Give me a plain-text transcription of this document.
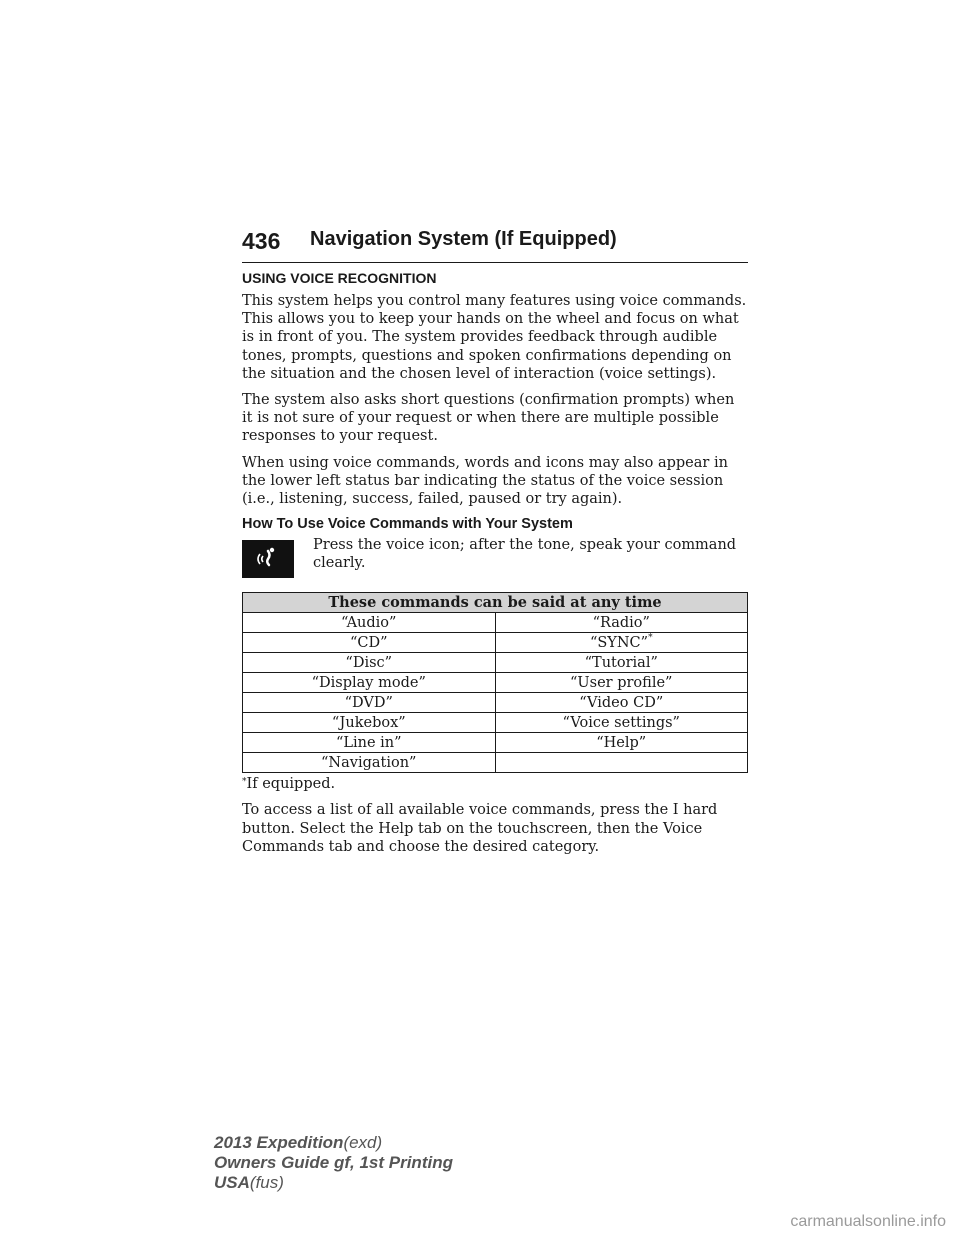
436 Navigation System (If Equipped)
USING VOICE RECOGNITION

This system helps you control many features using voice commands. This allows you to keep your hands on the wheel and focus on what is in front of you. The system provides feedback through audible tones, prompts, questions and spoken confirmations depending on the situation and the chosen level of interaction (voice settings).

The system also asks short questions (confirmation prompts) when it is not sure of your request or when there are multiple possible responses to your request.

When using voice commands, words and icons may also appear in the lower left status bar indicating the status of the voice session (i.e., listening, success, failed, paused or try again).

How To Use Voice Commands with Your System
Press the voice icon; after the tone, speak your command clearly.
These commands can be said at any time	
“Audio”	“Radio”
“CD”	“SYNC”*
“Disc”	“Tutorial”
“Display mode”	“User profile”
“DVD”	“Video CD”
“Jukebox”	“Voice settings”
“Line in”	“Help”
“Navigation”	

*If equipped.

To access a list of all available voice commands, press the I hard button. Select the Help tab on the touchscreen, then the Voice Commands tab and choose the desired category.

2013 Expedition(exd)
Owners Guide gf, 1st Printing
USA(fus)
carmanualsonline.info
